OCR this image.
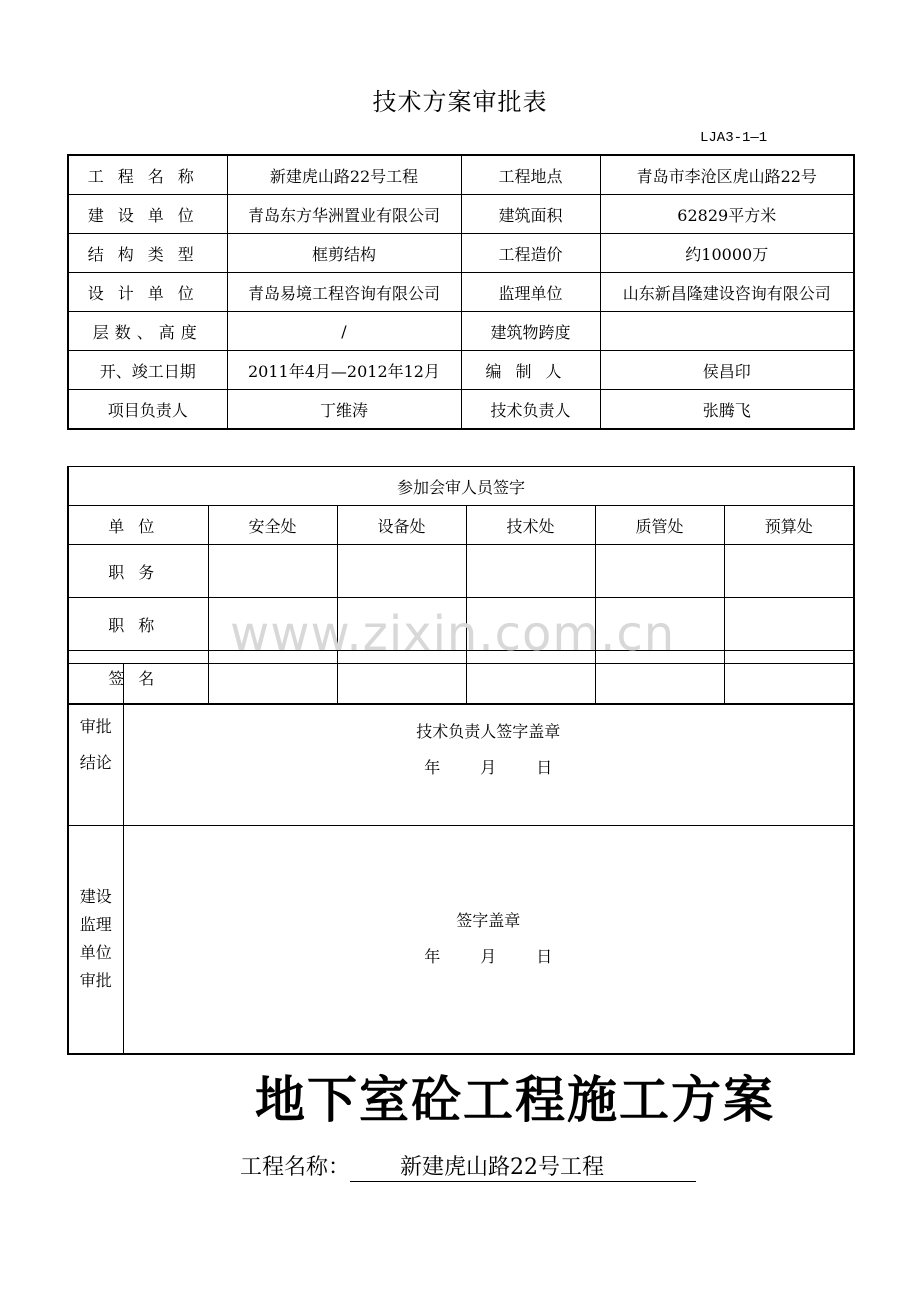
技术方案审批表
LJA3-1—1
工程名称	新建虎山路22号工程	工程地点	青岛市李沧区虎山路22号
建设单位	青岛东方华洲置业有限公司	建筑面积	62829平方米
结构类型	框剪结构	工程造价	约10000万
设计单位	青岛易境工程咨询有限公司	监理单位	山东新昌隆建设咨询有限公司
层数、高度	/	建筑物跨度	
开、竣工日期	2011年4月—2012年12月	编制人	侯昌印
项目负责人	丁维涛	技术负责人	张腾飞
参加会审人员签字					
单位	安全处	设备处	技术处	质管处	预算处
职务					
职称					
签名					
审批
结论	技术负责人签字盖章
年 月 日

建设
监理
单位
审批	签字盖章
年 月 日
www.zixin.com.cn
地下室砼工程施工方案
工程名称： 新建虎山路22号工程
